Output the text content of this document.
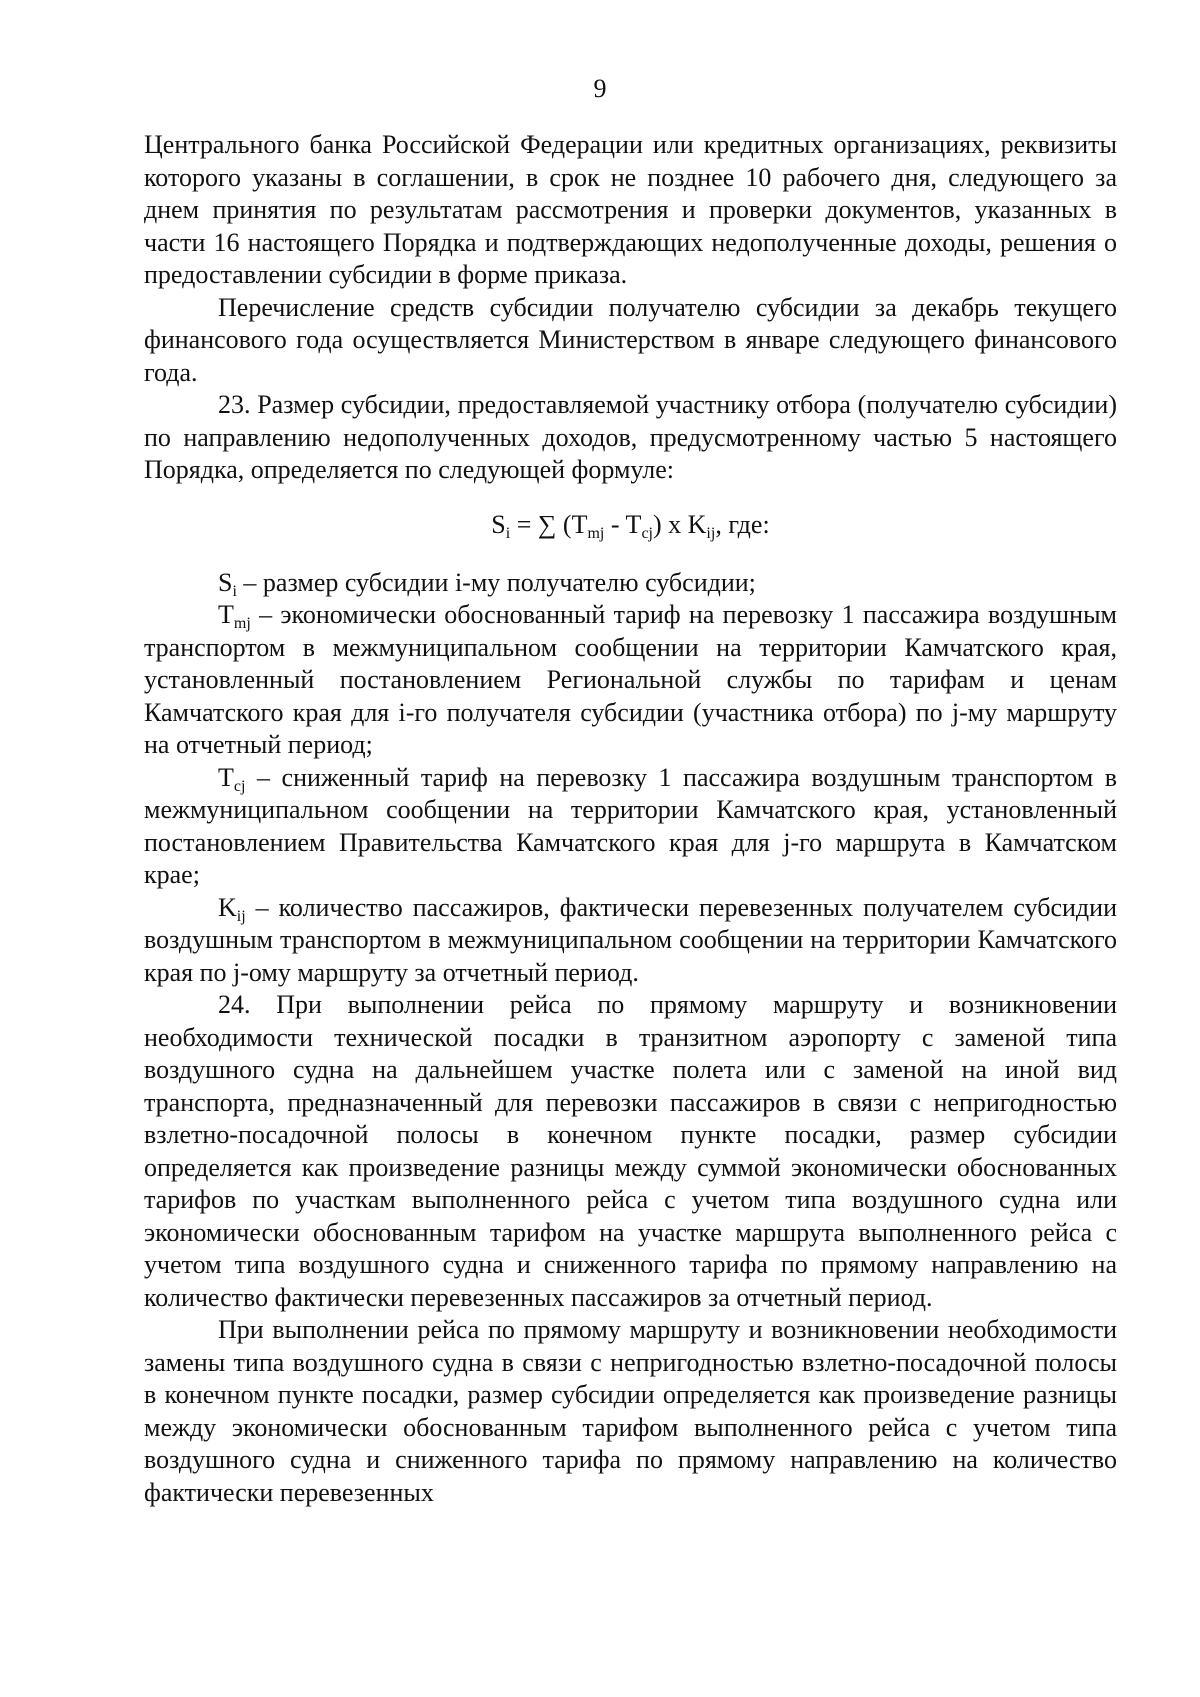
9

Центрального банка Российской Федерации или кредитных организациях, реквизиты которого указаны в соглашении, в срок не позднее 10 рабочего дня, следующего за днем принятия по результатам рассмотрения и проверки документов, указанных в части 16 настоящего Порядка и подтверждающих недополученные доходы, решения о предоставлении субсидии в форме приказа.

Перечисление средств субсидии получателю субсидии за декабрь текущего финансового года осуществляется Министерством в январе следующего финансового года.

23. Размер субсидии, предоставляемой участнику отбора (получателю субсидии) по направлению недополученных доходов, предусмотренному частью 5 настоящего Порядка, определяется по следующей формуле:

$S_i$ = ∑ $(T_{mj} - T_{cj})$ x $K_{ij}$, где:

$S_i$ – размер субсидии i-му получателю субсидии;

$T_{mj}$ – экономически обоснованный тариф на перевозку 1 пассажира воздушным транспортом в межмуниципальном сообщении на территории Камчатского края, установленный постановлением Региональной службы по тарифам и ценам Камчатского края для i-го получателя субсидии (участника отбора) по j-му маршруту на отчетный период;

$T_{cj}$ – сниженный тариф на перевозку 1 пассажира воздушным транспортом в межмуниципальном сообщении на территории Камчатского края, установленный постановлением Правительства Камчатского края для j-го маршрута в Камчатском крае;

$K_{ij}$ – количество пассажиров, фактически перевезенных получателем субсидии воздушным транспортом в межмуниципальном сообщении на территории Камчатского края по j-ому маршруту за отчетный период.

24. При выполнении рейса по прямому маршруту и возникновении необходимости технической посадки в транзитном аэропорту с заменой типа воздушного судна на дальнейшем участке полета или с заменой на иной вид транспорта, предназначенный для перевозки пассажиров в связи с непригодностью взлетно-посадочной полосы в конечном пункте посадки, размер субсидии определяется как произведение разницы между суммой экономически обоснованных тарифов по участкам выполненного рейса с учетом типа воздушного судна или экономически обоснованным тарифом на участке маршрута выполненного рейса с учетом типа воздушного судна и сниженного тарифа по прямому направлению на количество фактически перевезенных пассажиров за отчетный период.

При выполнении рейса по прямому маршруту и возникновении необходимости замены типа воздушного судна в связи с непригодностью взлетно-посадочной полосы в конечном пункте посадки, размер субсидии определяется как произведение разницы между экономически обоснованным тарифом выполненного рейса с учетом типа воздушного судна и сниженного тарифа по прямому направлению на количество фактически перевезенных
